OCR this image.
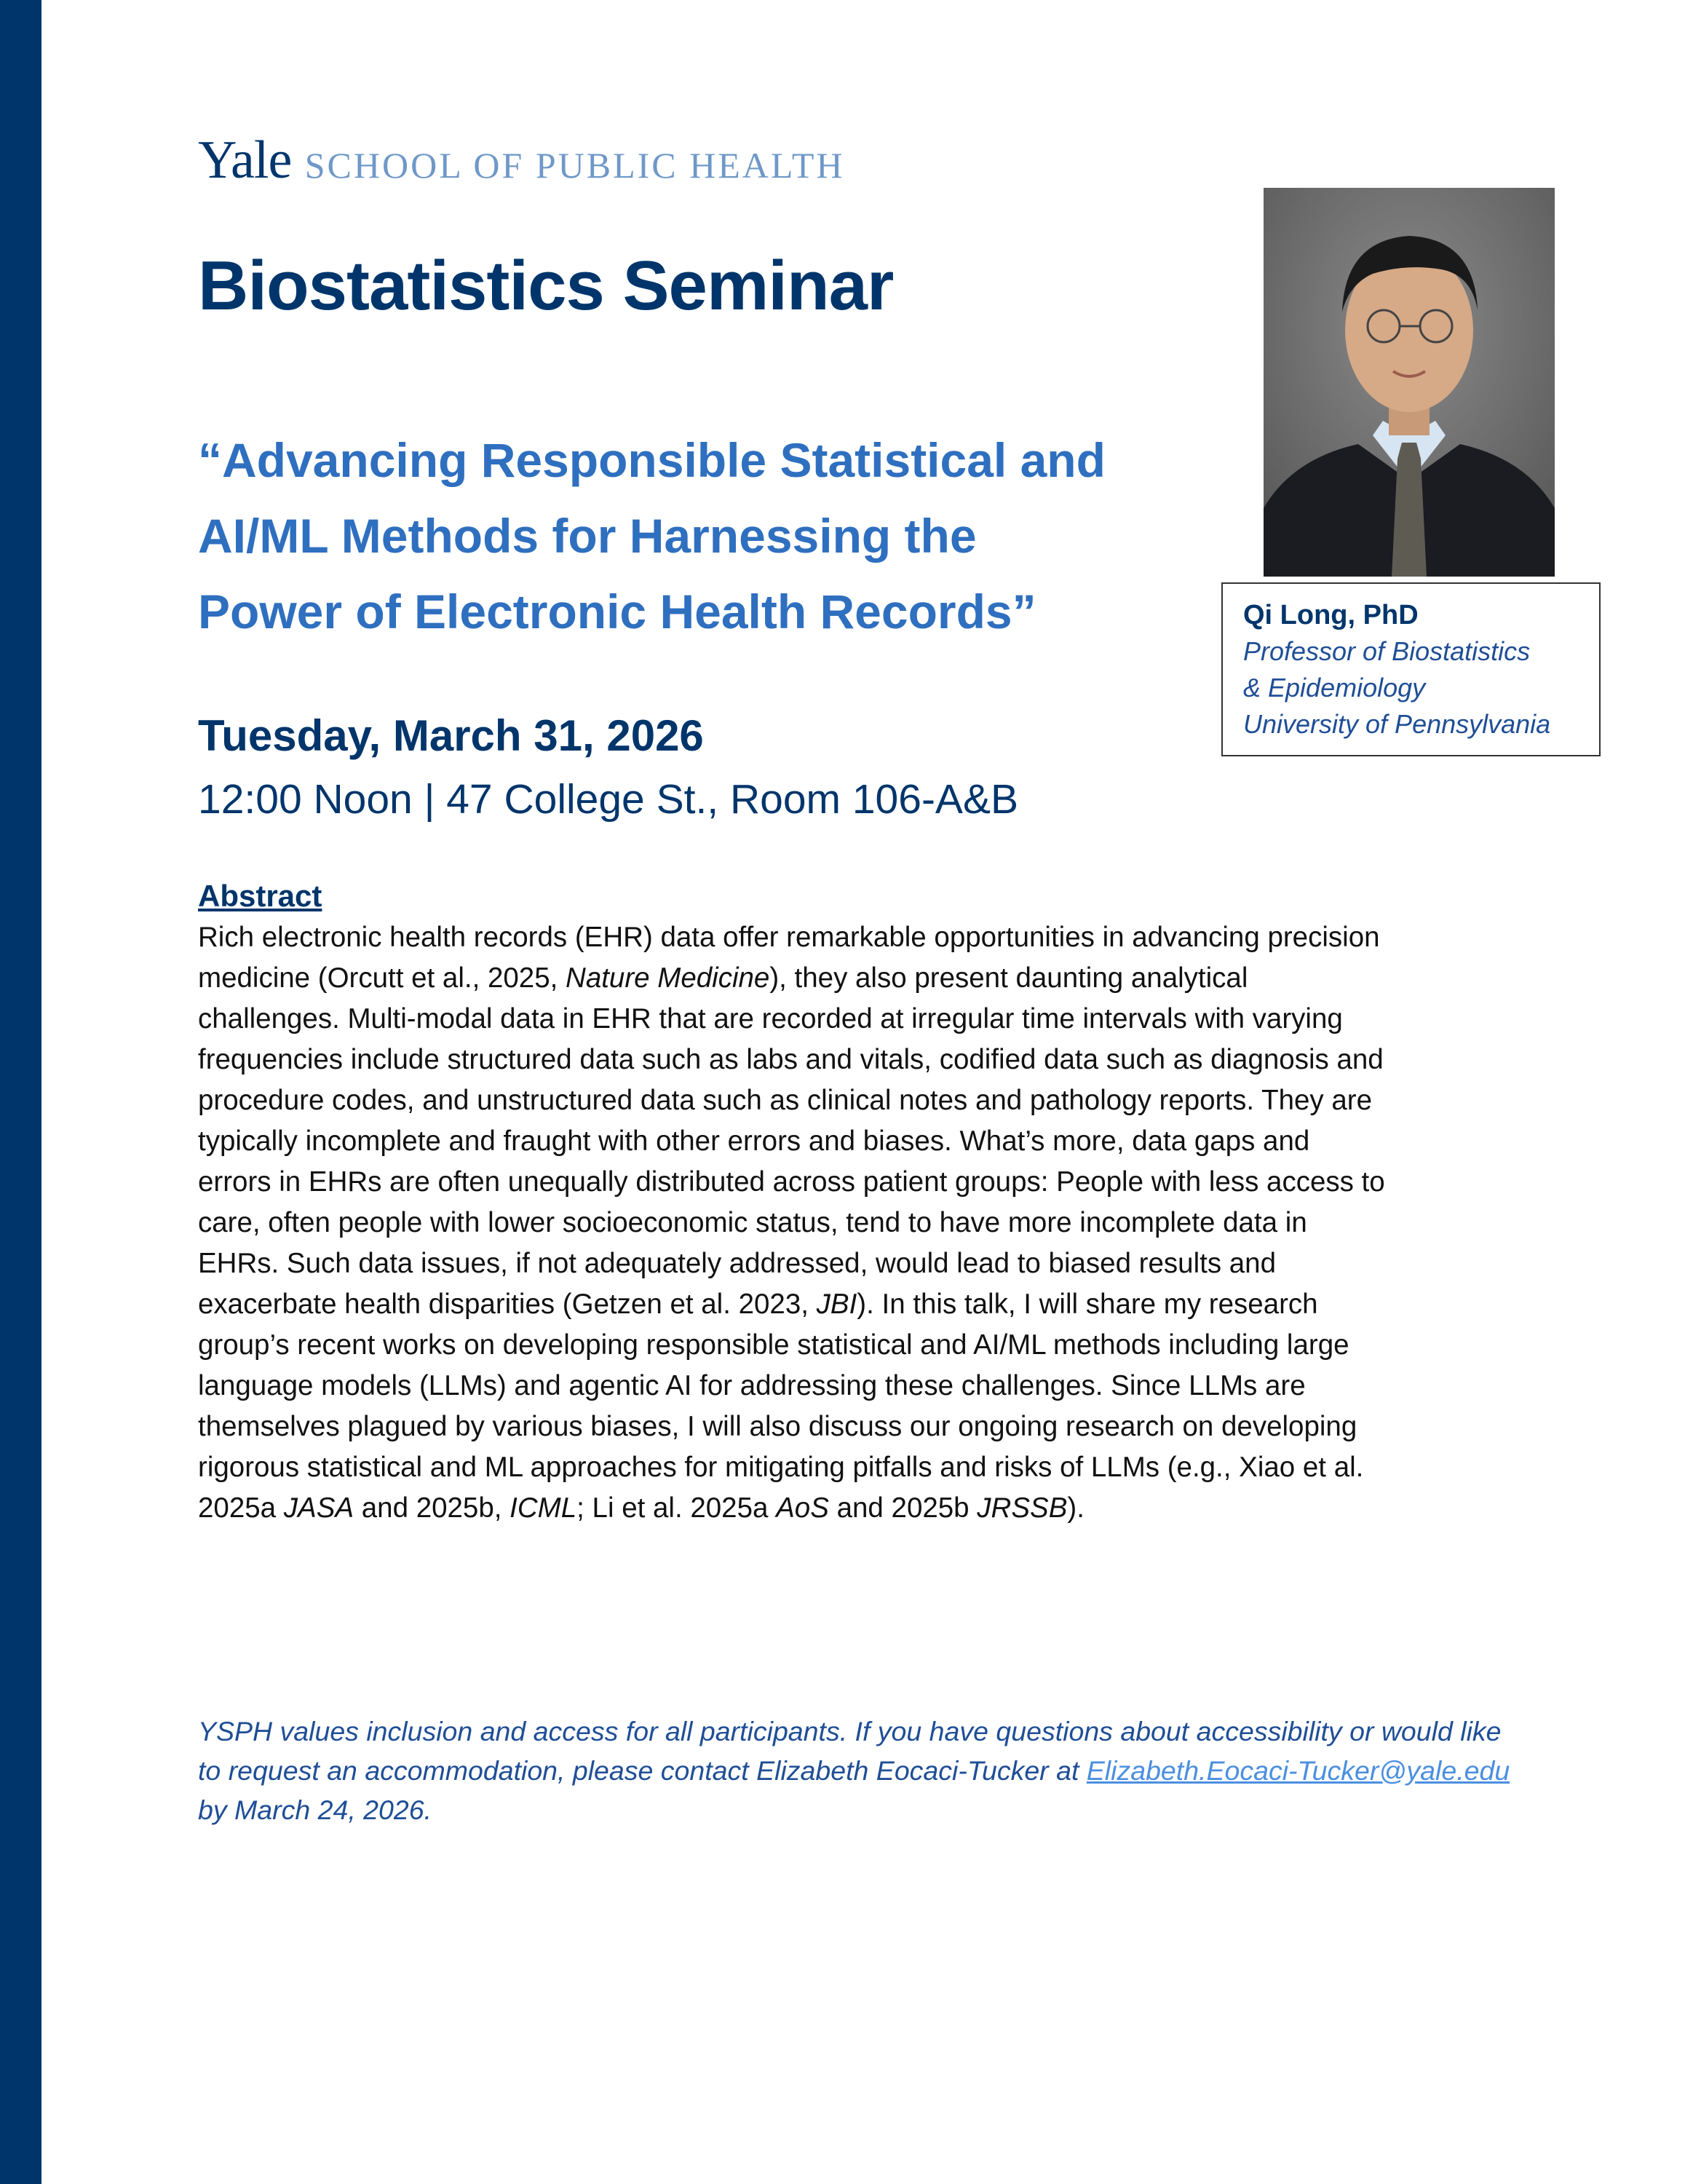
Yale SCHOOL OF PUBLIC HEALTH
Biostatistics Seminar
“Advancing Responsible Statistical and
AI/ML Methods for Harnessing the
Power of Electronic Health Records”
Tuesday, March 31, 2026
12:00 Noon | 47 College St., Room 106-A&B
Qi Long, PhD
Professor of Biostatistics
& Epidemiology
University of Pennsylvania
Abstract
Rich electronic health records (EHR) data offer remarkable opportunities in advancing precision
medicine (Orcutt et al., 2025, Nature Medicine), they also present daunting analytical
challenges. Multi-modal data in EHR that are recorded at irregular time intervals with varying
frequencies include structured data such as labs and vitals, codified data such as diagnosis and
procedure codes, and unstructured data such as clinical notes and pathology reports. They are
typically incomplete and fraught with other errors and biases. What’s more, data gaps and
errors in EHRs are often unequally distributed across patient groups: People with less access to
care, often people with lower socioeconomic status, tend to have more incomplete data in
EHRs. Such data issues, if not adequately addressed, would lead to biased results and
exacerbate health disparities (Getzen et al. 2023, JBI). In this talk, I will share my research
group’s recent works on developing responsible statistical and AI/ML methods including large
language models (LLMs) and agentic AI for addressing these challenges. Since LLMs are
themselves plagued by various biases, I will also discuss our ongoing research on developing
rigorous statistical and ML approaches for mitigating pitfalls and risks of LLMs (e.g., Xiao et al.
2025a JASA and 2025b, ICML; Li et al. 2025a AoS and 2025b JRSSB).
YSPH values inclusion and access for all participants. If you have questions about accessibility or would like
to request an accommodation, please contact Elizabeth Eocaci-Tucker at Elizabeth.Eocaci-Tucker@yale.edu
by March 24, 2026.
